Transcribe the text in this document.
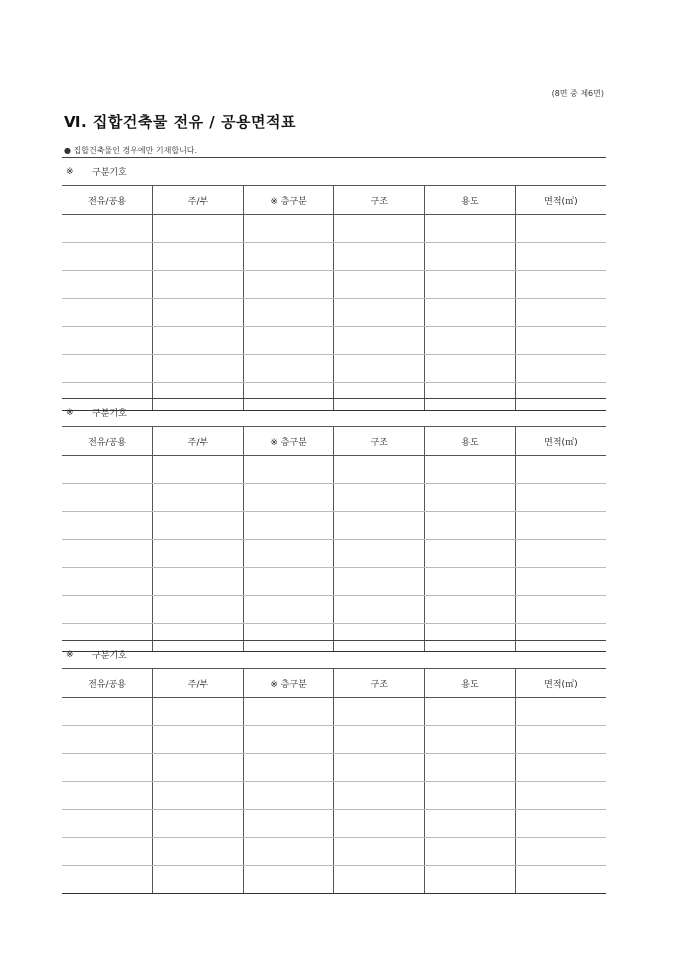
(8면 중 제6면)
Ⅵ. 집합건축물 전유 / 공용면적표
● 집합건축물인 경우에만 기재합니다.
※	구분기호
전유/공용	주/부	※ 층구분	구조	용도	면적(㎡)

※	구분기호
전유/공용	주/부	※ 층구분	구조	용도	면적(㎡)

※	구분기호
전유/공용	주/부	※ 층구분	구조	용도	면적(㎡)
